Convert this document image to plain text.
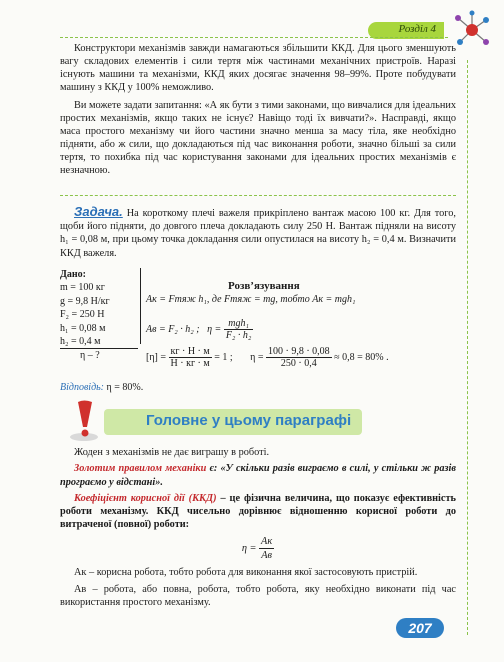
Розділ 4
Конструктори механізмів завжди намагаються збільшити ККД. Для цього зменшують вагу складових елементів і сили тертя між частинами механічних пристроїв. Наразі існують машини та механізми, ККД яких досягає значення 98–99%. Проте побудувати машину з ККД у 100% неможливо.
Ви можете задати запитання: «А як бути з тими законами, що вивчалися для ідеальних простих механізмів, якщо таких не існує? Навіщо тоді їх вивчати?». Насправді, якщо маса простого механізму чи його частини значно менша за масу тіла, яке необхідно підняти, або ж сили, що докладаються під час виконання роботи, значно більші за сили тертя, то похибка під час користування законами для ідеальних простих механізмів є незначною.
Задача. На короткому плечі важеля прикріплено вантаж масою 100 кг. Для того, щоби його підняти, до довгого плеча докладають силу 250 Н. Вантаж підняли на висоту h₁ = 0,08 м, при цьому точка докладання сили опустилася на висоту h₂ = 0,4 м. Визначити ККД важеля.
Дано:
m = 100 кг
g = 9,8 Н/кг
F₂ = 250 Н
h₁ = 0,08 м
h₂ = 0,4 м
η – ?
Розв’язування
Aк = Fтяж h₁, де Fтяж = mg, тобто Aк = mgh₁
Aв = F₂ · h₂ ;   $\eta = \frac{\text{mgh₁}}{\text{F₂ · h₂}}$
$[\eta] = \frac{кг \cdot Н \cdot м}{Н \cdot кг \cdot м} = 1$ ;       $\eta = \frac{100 \cdot 9,8 \cdot 0,08}{250 \cdot 0,4} \approx 0,8 = 80\%$ .
Відповідь: η = 80%.
Головне у цьому параграфі

Жоден з механізмів не дає виграшу в роботі.

Золотим правилом механіки є: «У скільки разів виграємо в силі, у стільки ж разів програємо у відстані».

Коефіцієнт корисної дії (ККД) – це фізична величина, що показує ефективність роботи механізму. ККД чисельно дорівнює відношенню корисної роботи до витраченої (повної) роботи:

$\eta = \frac{Aк}{Aв}$

Aк – корисна робота, тобто робота для виконання якої застосовують пристрій.

Aв – робота, або повна, робота, тобто роботa, яку необхідно виконати під час використання простого механізму.

207
